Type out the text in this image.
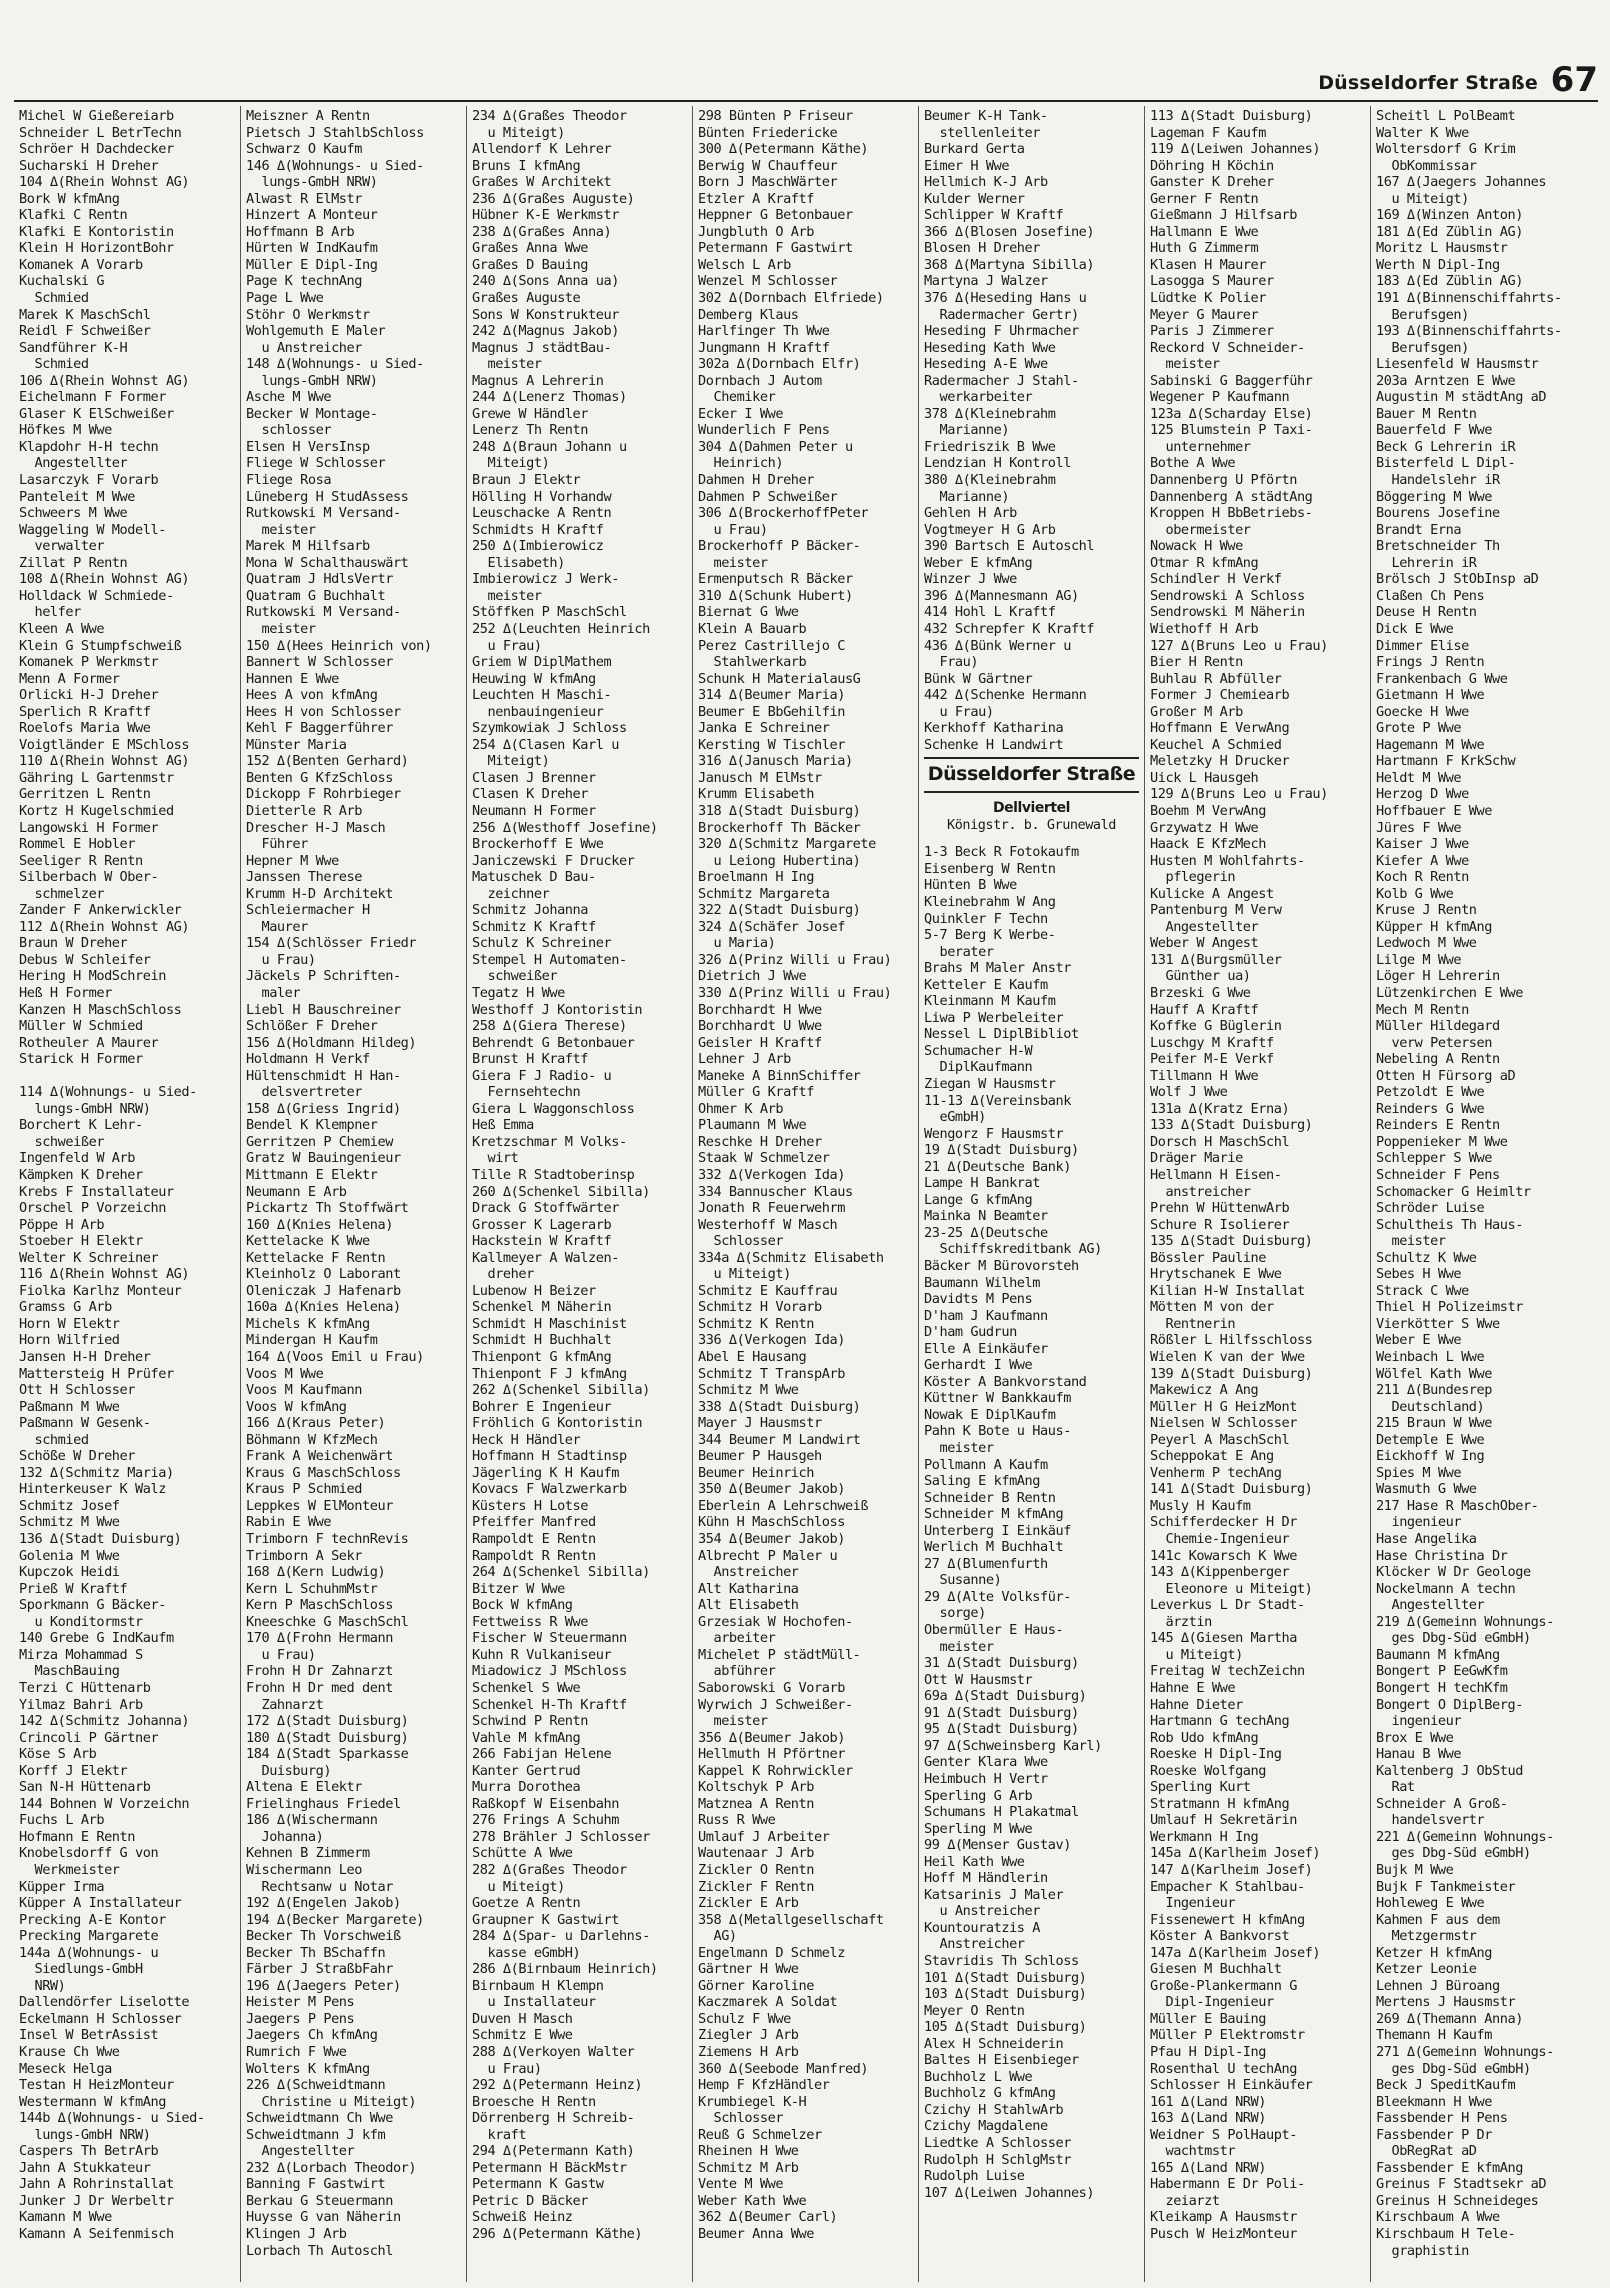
Düsseldorfer Straße 67
Michel W Gießereiarb
Schneider L BetrTechn
Schröer H Dachdecker
Sucharski H Dreher
104 Δ(Rhein Wohnst AG)
Bork W kfmAng
Klafki C Rentn
Klafki E Kontoristin
Klein H HorizontBohr
Komanek A Vorarb
Kuchalski G
Schmied
Marek K MaschSchl
Reidl F Schweißer
Sandführer K-H
Schmied
106 Δ(Rhein Wohnst AG)
Eichelmann F Former
Glaser K ElSchweißer
Höfkes M Wwe
Klapdohr H-H techn
Angestellter
Lasarczyk F Vorarb
Panteleit M Wwe
Schweers M Wwe
Waggeling W Modell-
verwalter
Zillat P Rentn
108 Δ(Rhein Wohnst AG)
Holldack W Schmiede-
helfer
Kleen A Wwe
Klein G Stumpfschweiß
Komanek P Werkmstr
Menn A Former
Orlicki H-J Dreher
Sperlich R Kraftf
Roelofs Maria Wwe
Voigtländer E MSchloss
110 Δ(Rhein Wohnst AG)
Gähring L Gartenmstr
Gerritzen L Rentn
Kortz H Kugelschmied
Langowski H Former
Rommel E Hobler
Seeliger R Rentn
Silberbach W Ober-
schmelzer
Zander F Ankerwickler
112 Δ(Rhein Wohnst AG)
Braun W Dreher
Debus W Schleifer
Hering H ModSchrein
Heß H Former
Kanzen H MaschSchloss
Müller W Schmied
Rotheuler A Maurer
Starick H Former
114 Δ(Wohnungs- u Sied-
lungs-GmbH NRW)
Borchert K Lehr-
schweißer
Ingenfeld W Arb
Kämpken K Dreher
Krebs F Installateur
Orschel P Vorzeichn
Pöppe H Arb
Stoeber H Elektr
Welter K Schreiner
116 Δ(Rhein Wohnst AG)
Fiolka Karlhz Monteur
Gramss G Arb
Horn W Elektr
Horn Wilfried
Jansen H-H Dreher
Mattersteig H Prüfer
Ott H Schlosser
Paßmann M Wwe
Paßmann W Gesenk-
schmied
Schöße W Dreher
132 Δ(Schmitz Maria)
Hinterkeuser K Walz
Schmitz Josef
Schmitz M Wwe
136 Δ(Stadt Duisburg)
Golenia M Wwe
Kupczok Heidi
Prieß W Kraftf
Sporkmann G Bäcker-
u Konditormstr
140 Grebe G IndKaufm
Mirza Mohammad S
MaschBauing
Terzi C Hüttenarb
Yilmaz Bahri Arb
142 Δ(Schmitz Johanna)
Crincoli P Gärtner
Köse S Arb
Korff J Elektr
San N-H Hüttenarb
144 Bohnen W Vorzeichn
Fuchs L Arb
Hofmann E Rentn
Knobelsdorff G von
Werkmeister
Küpper Irma
Küpper A Installateur
Precking A-E Kontor
Precking Margarete
144a Δ(Wohnungs- u
Siedlungs-GmbH
NRW)
Dallendörfer Liselotte
Eckelmann H Schlosser
Insel W BetrAssist
Krause Ch Wwe
Meseck Helga
Testan H HeizMonteur
Westermann W kfmAng
144b Δ(Wohnungs- u Sied-
lungs-GmbH NRW)
Caspers Th BetrArb
Jahn A Stukkateur
Jahn A Rohrinstallat
Junker J Dr Werbeltr
Kamann M Wwe
Kamann A Seifenmisch
Meiszner A Rentn
Pietsch J StahlbSchloss
Schwarz O Kaufm
146 Δ(Wohnungs- u Sied-
lungs-GmbH NRW)
Alwast R ElMstr
Hinzert A Monteur
Hoffmann B Arb
Hürten W IndKaufm
Müller E Dipl-Ing
Page K technAng
Page L Wwe
Stöhr O Werkmstr
Wohlgemuth E Maler
u Anstreicher
148 Δ(Wohnungs- u Sied-
lungs-GmbH NRW)
Asche M Wwe
Becker W Montage-
schlosser
Elsen H VersInsp
Fliege W Schlosser
Fliege Rosa
Lüneberg H StudAssess
Rutkowski M Versand-
meister
Marek M Hilfsarb
Mona W Schalthauswärt
Quatram J HdlsVertr
Quatram G Buchhalt
Rutkowski M Versand-
meister
150 Δ(Hees Heinrich von)
Bannert W Schlosser
Hannen E Wwe
Hees A von kfmAng
Hees H von Schlosser
Kehl F Baggerführer
Münster Maria
152 Δ(Benten Gerhard)
Benten G KfzSchloss
Dickopp F Rohrbieger
Dietterle R Arb
Drescher H-J Masch
Führer
Hepner M Wwe
Janssen Therese
Krumm H-D Architekt
Schleiermacher H
Maurer
154 Δ(Schlösser Friedr
u Frau)
Jäckels P Schriften-
maler
Liebl H Bauschreiner
Schlößer F Dreher
156 Δ(Holdmann Hildeg)
Holdmann H Verkf
Hültenschmidt H Han-
delsvertreter
158 Δ(Griess Ingrid)
Bendel K Klempner
Gerritzen P Chemiew
Gratz W Bauingenieur
Mittmann E Elektr
Neumann E Arb
Pickartz Th Stoffwärt
160 Δ(Knies Helena)
Kettelacke K Wwe
Kettelacke F Rentn
Kleinholz O Laborant
Oleniczak J Hafenarb
160a Δ(Knies Helena)
Michels K kfmAng
Mindergan H Kaufm
164 Δ(Voos Emil u Frau)
Voos M Wwe
Voos M Kaufmann
Voos W kfmAng
166 Δ(Kraus Peter)
Böhmann W KfzMech
Frank A Weichenwärt
Kraus G MaschSchloss
Kraus P Schmied
Leppkes W ElMonteur
Rabin E Wwe
Trimborn F technRevis
Trimborn A Sekr
168 Δ(Kern Ludwig)
Kern L SchuhmMstr
Kern P MaschSchloss
Kneeschke G MaschSchl
170 Δ(Frohn Hermann
u Frau)
Frohn H Dr Zahnarzt
Frohn H Dr med dent
Zahnarzt
172 Δ(Stadt Duisburg)
180 Δ(Stadt Duisburg)
184 Δ(Stadt Sparkasse
Duisburg)
Altena E Elektr
Frielinghaus Friedel
186 Δ(Wischermann
Johanna)
Kehnen B Zimmerm
Wischermann Leo
Rechtsanw u Notar
192 Δ(Engelen Jakob)
194 Δ(Becker Margarete)
Becker Th Vorschweiß
Becker Th BSchaffn
Färber J StraßbFahr
196 Δ(Jaegers Peter)
Heister M Pens
Jaegers P Pens
Jaegers Ch kfmAng
Rumrich F Wwe
Wolters K kfmAng
226 Δ(Schweidtmann
Christine u Miteigt)
Schweidtmann Ch Wwe
Schweidtmann J kfm
Angestellter
232 Δ(Lorbach Theodor)
Banning F Gastwirt
Berkau G Steuermann
Huysse G van Näherin
Klingen J Arb
Lorbach Th Autoschl
234 Δ(Graßes Theodor
u Miteigt)
Allendorf K Lehrer
Bruns I kfmAng
Graßes W Architekt
236 Δ(Graßes Auguste)
Hübner K-E Werkmstr
238 Δ(Graßes Anna)
Graßes Anna Wwe
Graßes D Bauing
240 Δ(Sons Anna ua)
Graßes Auguste
Sons W Konstrukteur
242 Δ(Magnus Jakob)
Magnus J städtBau-
meister
Magnus A Lehrerin
244 Δ(Lenerz Thomas)
Grewe W Händler
Lenerz Th Rentn
248 Δ(Braun Johann u
Miteigt)
Braun J Elektr
Hölling H Vorhandw
Leuschacke A Rentn
Schmidts H Kraftf
250 Δ(Imbierowicz
Elisabeth)
Imbierowicz J Werk-
meister
Stöffken P MaschSchl
252 Δ(Leuchten Heinrich
u Frau)
Griem W DiplMathem
Heuwing W kfmAng
Leuchten H Maschi-
nenbauingenieur
Szymkowiak J Schloss
254 Δ(Clasen Karl u
Miteigt)
Clasen J Brenner
Clasen K Dreher
Neumann H Former
256 Δ(Westhoff Josefine)
Brockerhoff E Wwe
Janiczewski F Drucker
Matuschek D Bau-
zeichner
Schmitz Johanna
Schmitz K Kraftf
Schulz K Schreiner
Stempel H Automaten-
schweißer
Tegatz H Wwe
Westhoff J Kontoristin
258 Δ(Giera Therese)
Behrendt G Betonbauer
Brunst H Kraftf
Giera F J Radio- u
Fernsehtechn
Giera L Waggonschloss
Heß Emma
Kretzschmar M Volks-
wirt
Tille R Stadtoberinsp
260 Δ(Schenkel Sibilla)
Drack G Stoffwärter
Grosser K Lagerarb
Hackstein W Kraftf
Kallmeyer A Walzen-
dreher
Lubenow H Beizer
Schenkel M Näherin
Schmidt H Maschinist
Schmidt H Buchhalt
Thienpont G kfmAng
Thienpont F J kfmAng
262 Δ(Schenkel Sibilla)
Bohrer E Ingenieur
Fröhlich G Kontoristin
Heck H Händler
Hoffmann H Stadtinsp
Jägerling K H Kaufm
Kovacs F Walzwerkarb
Küsters H Lotse
Pfeiffer Manfred
Rampoldt E Rentn
Rampoldt R Rentn
264 Δ(Schenkel Sibilla)
Bitzer W Wwe
Bock W kfmAng
Fettweiss R Wwe
Fischer W Steuermann
Kuhn R Vulkaniseur
Miadowicz J MSchloss
Schenkel S Wwe
Schenkel H-Th Kraftf
Schwind P Rentn
Vahle M kfmAng
266 Fabijan Helene
Kanter Gertrud
Murra Dorothea
Raßkopf W Eisenbahn
276 Frings A Schuhm
278 Brähler J Schlosser
Schütte A Wwe
282 Δ(Graßes Theodor
u Miteigt)
Goetze A Rentn
Graupner K Gastwirt
284 Δ(Spar- u Darlehns-
kasse eGmbH)
286 Δ(Birnbaum Heinrich)
Birnbaum H Klempn
u Installateur
Duven H Masch
Schmitz E Wwe
288 Δ(Verkoyen Walter
u Frau)
292 Δ(Petermann Heinz)
Broesche H Rentn
Dörrenberg H Schreib-
kraft
294 Δ(Petermann Kath)
Petermann H BäckMstr
Petermann K Gastw
Petric D Bäcker
Schweiß Heinz
296 Δ(Petermann Käthe)
298 Bünten P Friseur
Bünten Friedericke
300 Δ(Petermann Käthe)
Berwig W Chauffeur
Born J MaschWärter
Etzler A Kraftf
Heppner G Betonbauer
Jungbluth O Arb
Petermann F Gastwirt
Welsch L Arb
Wenzel M Schlosser
302 Δ(Dornbach Elfriede)
Demberg Klaus
Harlfinger Th Wwe
Jungmann H Kraftf
302a Δ(Dornbach Elfr)
Dornbach J Autom
Chemiker
Ecker I Wwe
Wunderlich F Pens
304 Δ(Dahmen Peter u
Heinrich)
Dahmen H Dreher
Dahmen P Schweißer
306 Δ(BrockerhoffPeter
u Frau)
Brockerhoff P Bäcker-
meister
Ermenputsch R Bäcker
310 Δ(Schunk Hubert)
Biernat G Wwe
Klein A Bauarb
Perez Castrillejo C
Stahlwerkarb
Schunk H MaterialausG
314 Δ(Beumer Maria)
Beumer E BbGehilfin
Janka E Schreiner
Kersting W Tischler
316 Δ(Janusch Maria)
Janusch M ElMstr
Krumm Elisabeth
318 Δ(Stadt Duisburg)
Brockerhoff Th Bäcker
320 Δ(Schmitz Margarete
u Leiong Hubertina)
Broelmann H Ing
Schmitz Margareta
322 Δ(Stadt Duisburg)
324 Δ(Schäfer Josef
u Maria)
326 Δ(Prinz Willi u Frau)
Dietrich J Wwe
330 Δ(Prinz Willi u Frau)
Borchhardt H Wwe
Borchhardt U Wwe
Geisler H Kraftf
Lehner J Arb
Maneke A BinnSchiffer
Müller G Kraftf
Ohmer K Arb
Plaumann M Wwe
Reschke H Dreher
Staak W Schmelzer
332 Δ(Verkogen Ida)
334 Bannuscher Klaus
Jonath R Feuerwehrm
Westerhoff W Masch
Schlosser
334a Δ(Schmitz Elisabeth
u Miteigt)
Schmitz E Kauffrau
Schmitz H Vorarb
Schmitz K Rentn
336 Δ(Verkogen Ida)
Abel E Hausang
Schmitz T TranspArb
Schmitz M Wwe
338 Δ(Stadt Duisburg)
Mayer J Hausmstr
344 Beumer M Landwirt
Beumer P Hausgeh
Beumer Heinrich
350 Δ(Beumer Jakob)
Eberlein A Lehrschweiß
Kühn H MaschSchloss
354 Δ(Beumer Jakob)
Albrecht P Maler u
Anstreicher
Alt Katharina
Alt Elisabeth
Grzesiak W Hochofen-
arbeiter
Michelet P städtMüll-
abführer
Saborowski G Vorarb
Wyrwich J Schweißer-
meister
356 Δ(Beumer Jakob)
Hellmuth H Pförtner
Kappel K Rohrwickler
Koltschyk P Arb
Matznea A Rentn
Russ R Wwe
Umlauf J Arbeiter
Wautenaar J Arb
Zickler O Rentn
Zickler F Rentn
Zickler E Arb
358 Δ(Metallgesellschaft
AG)
Engelmann D Schmelz
Gärtner H Wwe
Görner Karoline
Kaczmarek A Soldat
Schulz F Wwe
Ziegler J Arb
Ziemens H Arb
360 Δ(Seebode Manfred)
Hemp F KfzHändler
Krumbiegel K-H
Schlosser
Reuß G Schmelzer
Rheinen H Wwe
Schmitz M Arb
Vente M Wwe
Weber Kath Wwe
362 Δ(Beumer Carl)
Beumer Anna Wwe
Beumer K-H Tank-
stellenleiter
Burkard Gerta
Eimer H Wwe
Hellmich K-J Arb
Kulder Werner
Schlipper W Kraftf
366 Δ(Blosen Josefine)
Blosen H Dreher
368 Δ(Martyna Sibilla)
Martyna J Walzer
376 Δ(Heseding Hans u
Radermacher Gertr)
Heseding F Uhrmacher
Heseding Kath Wwe
Heseding A-E Wwe
Radermacher J Stahl-
werkarbeiter
378 Δ(Kleinebrahm
Marianne)
Friedriszik B Wwe
Lendzian H Kontroll
380 Δ(Kleinebrahm
Marianne)
Gehlen H Arb
Vogtmeyer H G Arb
390 Bartsch E Autoschl
Weber E kfmAng
Winzer J Wwe
396 Δ(Mannesmann AG)
414 Hohl L Kraftf
432 Schrepfer K Kraftf
436 Δ(Bünk Werner u
Frau)
Bünk W Gärtner
442 Δ(Schenke Hermann
u Frau)
Kerkhoff Katharina
Schenke H Landwirt
Düsseldorfer Straße
Dellviertel
Königstr. b. Grunewald
1-3 Beck R Fotokaufm
Eisenberg W Rentn
Hünten B Wwe
Kleinebrahm W Ang
Quinkler F Techn
5-7 Berg K Werbe-
berater
Brahs M Maler Anstr
Ketteler E Kaufm
Kleinmann M Kaufm
Liwa P Werbeleiter
Nessel L DiplBibliot
Schumacher H-W
DiplKaufmann
Ziegan W Hausmstr
11-13 Δ(Vereinsbank
eGmbH)
Wengorz F Hausmstr
19 Δ(Stadt Duisburg)
21 Δ(Deutsche Bank)
Lampe H Bankrat
Lange G kfmAng
Mainka N Beamter
23-25 Δ(Deutsche
Schiffskreditbank AG)
Bäcker M Bürovorsteh
Baumann Wilhelm
Davidts M Pens
D'ham J Kaufmann
D'ham Gudrun
Elle A Einkäufer
Gerhardt I Wwe
Köster A Bankvorstand
Küttner W Bankkaufm
Nowak E DiplKaufm
Pahn K Bote u Haus-
meister
Pollmann A Kaufm
Saling E kfmAng
Schneider B Rentn
Schneider M kfmAng
Unterberg I Einkäuf
Werlich M Buchhalt
27 Δ(Blumenfurth
Susanne)
29 Δ(Alte Volksfür-
sorge)
Obermüller E Haus-
meister
31 Δ(Stadt Duisburg)
Ott W Hausmstr
69a Δ(Stadt Duisburg)
91 Δ(Stadt Duisburg)
95 Δ(Stadt Duisburg)
97 Δ(Schweinsberg Karl)
Genter Klara Wwe
Heimbuch H Vertr
Sperling G Arb
Schumans H Plakatmal
Sperling M Wwe
99 Δ(Menser Gustav)
Heil Kath Wwe
Hoff M Händlerin
Katsarinis J Maler
u Anstreicher
Kountouratzis A
Anstreicher
Stavridis Th Schloss
101 Δ(Stadt Duisburg)
103 Δ(Stadt Duisburg)
Meyer O Rentn
105 Δ(Stadt Duisburg)
Alex H Schneiderin
Baltes H Eisenbieger
Buchholz L Wwe
Buchholz G kfmAng
Czichy H StahlwArb
Czichy Magdalene
Liedtke A Schlosser
Rudolph H SchlgMstr
Rudolph Luise
107 Δ(Leiwen Johannes)
113 Δ(Stadt Duisburg)
Lageman F Kaufm
119 Δ(Leiwen Johannes)
Döhring H Köchin
Ganster K Dreher
Gerner F Rentn
Gießmann J Hilfsarb
Hallmann E Wwe
Huth G Zimmerm
Klasen H Maurer
Lasogga S Maurer
Lüdtke K Polier
Meyer G Maurer
Paris J Zimmerer
Reckord V Schneider-
meister
Sabinski G Baggerführ
Wegener P Kaufmann
123a Δ(Scharday Else)
125 Blumstein P Taxi-
unternehmer
Bothe A Wwe
Dannenberg U Pförtn
Dannenberg A städtAng
Kroppen H BbBetriebs-
obermeister
Nowack H Wwe
Otmar R kfmAng
Schindler H Verkf
Sendrowski A Schloss
Sendrowski M Näherin
Wiethoff H Arb
127 Δ(Bruns Leo u Frau)
Bier H Rentn
Buhlau R Abfüller
Former J Chemiearb
Großer M Arb
Hoffmann E VerwAng
Keuchel A Schmied
Meletzky H Drucker
Uick L Hausgeh
129 Δ(Bruns Leo u Frau)
Boehm M VerwAng
Grzywatz H Wwe
Haack E KfzMech
Husten M Wohlfahrts-
pflegerin
Kulicke A Angest
Pantenburg M Verw
Angestellter
Weber W Angest
131 Δ(Burgsmüller
Günther ua)
Brzeski G Wwe
Hauff A Kraftf
Koffke G Büglerin
Luschgy M Kraftf
Peifer M-E Verkf
Tillmann H Wwe
Wolf J Wwe
131a Δ(Kratz Erna)
133 Δ(Stadt Duisburg)
Dorsch H MaschSchl
Dräger Marie
Hellmann H Eisen-
anstreicher
Prehn W HüttenwArb
Schure R Isolierer
135 Δ(Stadt Duisburg)
Bössler Pauline
Hrytschanek E Wwe
Kilian H-W Installat
Mötten M von der
Rentnerin
Rößler L Hilfsschloss
Wielen K van der Wwe
139 Δ(Stadt Duisburg)
Makewicz A Ang
Müller H G HeizMont
Nielsen W Schlosser
Peyerl A MaschSchl
Scheppokat E Ang
Venherm P techAng
141 Δ(Stadt Duisburg)
Musly H Kaufm
Schifferdecker H Dr
Chemie-Ingenieur
141c Kowarsch K Wwe
143 Δ(Kippenberger
Eleonore u Miteigt)
Leverkus L Dr Stadt-
ärztin
145 Δ(Giesen Martha
u Miteigt)
Freitag W techZeichn
Hahne E Wwe
Hahne Dieter
Hartmann G techAng
Rob Udo kfmAng
Roeske H Dipl-Ing
Roeske Wolfgang
Sperling Kurt
Stratmann H kfmAng
Umlauf H Sekretärin
Werkmann H Ing
145a Δ(Karlheim Josef)
147 Δ(Karlheim Josef)
Empacher K Stahlbau-
Ingenieur
Fissenewert H kfmAng
Köster A Bankvorst
147a Δ(Karlheim Josef)
Giesen M Buchhalt
Große-Plankermann G
Dipl-Ingenieur
Müller E Bauing
Müller P Elektromstr
Pfau H Dipl-Ing
Rosenthal U techAng
Schlosser H Einkäufer
161 Δ(Land NRW)
163 Δ(Land NRW)
Weidner S PolHaupt-
wachtmstr
165 Δ(Land NRW)
Habermann E Dr Poli-
zeiarzt
Kleikamp A Hausmstr
Pusch W HeizMonteur
Scheitl L PolBeamt
Walter K Wwe
Woltersdorf G Krim
ObKommissar
167 Δ(Jaegers Johannes
u Miteigt)
169 Δ(Winzen Anton)
181 Δ(Ed Züblin AG)
Moritz L Hausmstr
Werth N Dipl-Ing
183 Δ(Ed Züblin AG)
191 Δ(Binnenschiffahrts-
Berufsgen)
193 Δ(Binnenschiffahrts-
Berufsgen)
Liesenfeld W Hausmstr
203a Arntzen E Wwe
Augustin M städtAng aD
Bauer M Rentn
Bauerfeld F Wwe
Beck G Lehrerin iR
Bisterfeld L Dipl-
Handelslehr iR
Böggering M Wwe
Bourens Josefine
Brandt Erna
Bretschneider Th
Lehrerin iR
Brölsch J StObInsp aD
Claßen Ch Pens
Deuse H Rentn
Dick E Wwe
Dimmer Elise
Frings J Rentn
Frankenbach G Wwe
Gietmann H Wwe
Goecke H Wwe
Grote P Wwe
Hagemann M Wwe
Hartmann F KrkSchw
Heldt M Wwe
Herzog D Wwe
Hoffbauer E Wwe
Jüres F Wwe
Kaiser J Wwe
Kiefer A Wwe
Koch R Rentn
Kolb G Wwe
Kruse J Rentn
Küpper H kfmAng
Ledwoch M Wwe
Lilge M Wwe
Löger H Lehrerin
Lützenkirchen E Wwe
Mech M Rentn
Müller Hildegard
verw Petersen
Nebeling A Rentn
Otten H Fürsorg aD
Petzoldt E Wwe
Reinders G Wwe
Reinders E Rentn
Poppenieker M Wwe
Schlepper S Wwe
Schneider F Pens
Schomacker G Heimltr
Schröder Luise
Schultheis Th Haus-
meister
Schultz K Wwe
Sebes H Wwe
Strack C Wwe
Thiel H Polizeimstr
Vierkötter S Wwe
Weber E Wwe
Weinbach L Wwe
Wölfel Kath Wwe
211 Δ(Bundesrep
Deutschland)
215 Braun W Wwe
Detemple E Wwe
Eickhoff W Ing
Spies M Wwe
Wasmuth G Wwe
217 Hase R MaschOber-
ingenieur
Hase Angelika
Hase Christina Dr
Klöcker W Dr Geologe
Nockelmann A techn
Angestellter
219 Δ(Gemeinn Wohnungs-
ges Dbg-Süd eGmbH)
Baumann M kfmAng
Bongert P EeGwKfm
Bongert H techKfm
Bongert O DiplBerg-
ingenieur
Brox E Wwe
Hanau B Wwe
Kaltenberg J ObStud
Rat
Schneider A Groß-
handelsvertr
221 Δ(Gemeinn Wohnungs-
ges Dbg-Süd eGmbH)
Bujk M Wwe
Bujk F Tankmeister
Hohleweg E Wwe
Kahmen F aus dem
Metzgermstr
Ketzer H kfmAng
Ketzer Leonie
Lehnen J Büroang
Mertens J Hausmstr
269 Δ(Themann Anna)
Themann H Kaufm
271 Δ(Gemeinn Wohnungs-
ges Dbg-Süd eGmbH)
Beck J SpeditKaufm
Bleekmann H Wwe
Fassbender H Pens
Fassbender P Dr
ObRegRat aD
Fassbender E kfmAng
Greinus F Stadtsekr aD
Greinus H Schneideges
Kirschbaum A Wwe
Kirschbaum H Tele-
graphistin
